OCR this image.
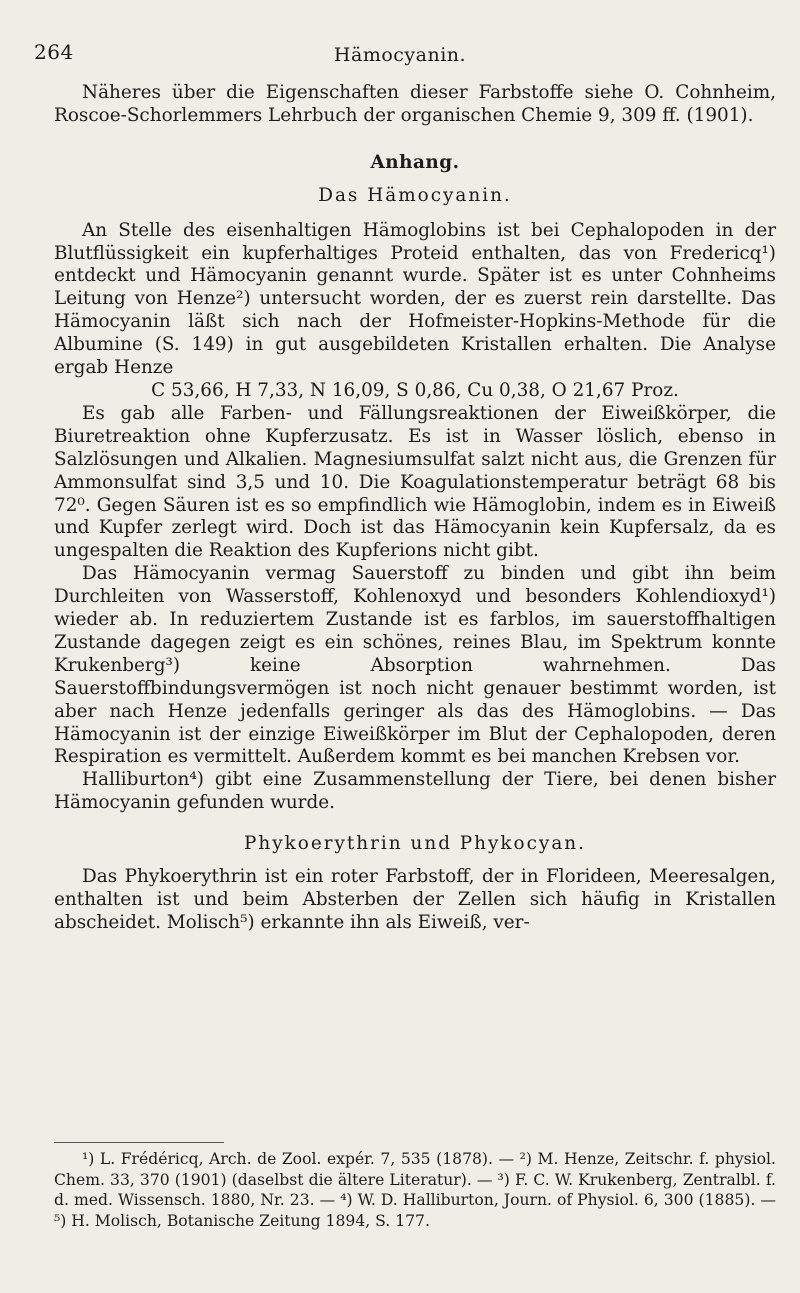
264	Hämocyanin.

Näheres über die Eigenschaften dieser Farbstoffe siehe O. Cohnheim, Roscoe-Schorlemmers Lehrbuch der organischen Chemie 9, 309 ff. (1901).

Anhang.
Das Hämocyanin.

An Stelle des eisenhaltigen Hämoglobins ist bei Cephalopoden in der Blutflüssigkeit ein kupferhaltiges Proteid enthalten, das von Fredericq¹) entdeckt und Hämocyanin genannt wurde. Später ist es unter Cohnheims Leitung von Henze²) untersucht worden, der es zuerst rein darstellte. Das Hämocyanin läßt sich nach der Hofmeister-Hopkins-Methode für die Albumine (S. 149) in gut ausgebildeten Kristallen erhalten. Die Analyse ergab Henze

C 53,66, H 7,33, N 16,09, S 0,86, Cu 0,38, O 21,67 Proz.

Es gab alle Farben- und Fällungsreaktionen der Eiweißkörper, die Biuretreaktion ohne Kupferzusatz. Es ist in Wasser löslich, ebenso in Salzlösungen und Alkalien. Magnesiumsulfat salzt nicht aus, die Grenzen für Ammonsulfat sind 3,5 und 10. Die Koagulationstemperatur beträgt 68 bis 72⁰. Gegen Säuren ist es so empfindlich wie Hämoglobin, indem es in Eiweiß und Kupfer zerlegt wird. Doch ist das Hämocyanin kein Kupfersalz, da es ungespalten die Reaktion des Kupferions nicht gibt.

Das Hämocyanin vermag Sauerstoff zu binden und gibt ihn beim Durchleiten von Wasserstoff, Kohlenoxyd und besonders Kohlendioxyd¹) wieder ab. In reduziertem Zustande ist es farblos, im sauerstoffhaltigen Zustande dagegen zeigt es ein schönes, reines Blau, im Spektrum konnte Krukenberg³) keine Absorption wahrnehmen. Das Sauerstoffbindungsvermögen ist noch nicht genauer bestimmt worden, ist aber nach Henze jedenfalls geringer als das des Hämoglobins. — Das Hämocyanin ist der einzige Eiweißkörper im Blut der Cephalopoden, deren Respiration es vermittelt. Außerdem kommt es bei manchen Krebsen vor.

Halliburton⁴) gibt eine Zusammenstellung der Tiere, bei denen bisher Hämocyanin gefunden wurde.

Phykoerythrin und Phykocyan.

Das Phykoerythrin ist ein roter Farbstoff, der in Florideen, Meeresalgen, enthalten ist und beim Absterben der Zellen sich häufig in Kristallen abscheidet. Molisch⁵) erkannte ihn als Eiweiß, ver-

¹) L. Frédéricq, Arch. de Zool. expér. 7, 535 (1878). — ²) M. Henze, Zeitschr. f. physiol. Chem. 33, 370 (1901) (daselbst die ältere Literatur). — ³) F. C. W. Krukenberg, Zentralbl. f. d. med. Wissensch. 1880, Nr. 23. — ⁴) W. D. Halliburton, Journ. of Physiol. 6, 300 (1885). — ⁵) H. Molisch, Botanische Zeitung 1894, S. 177.
